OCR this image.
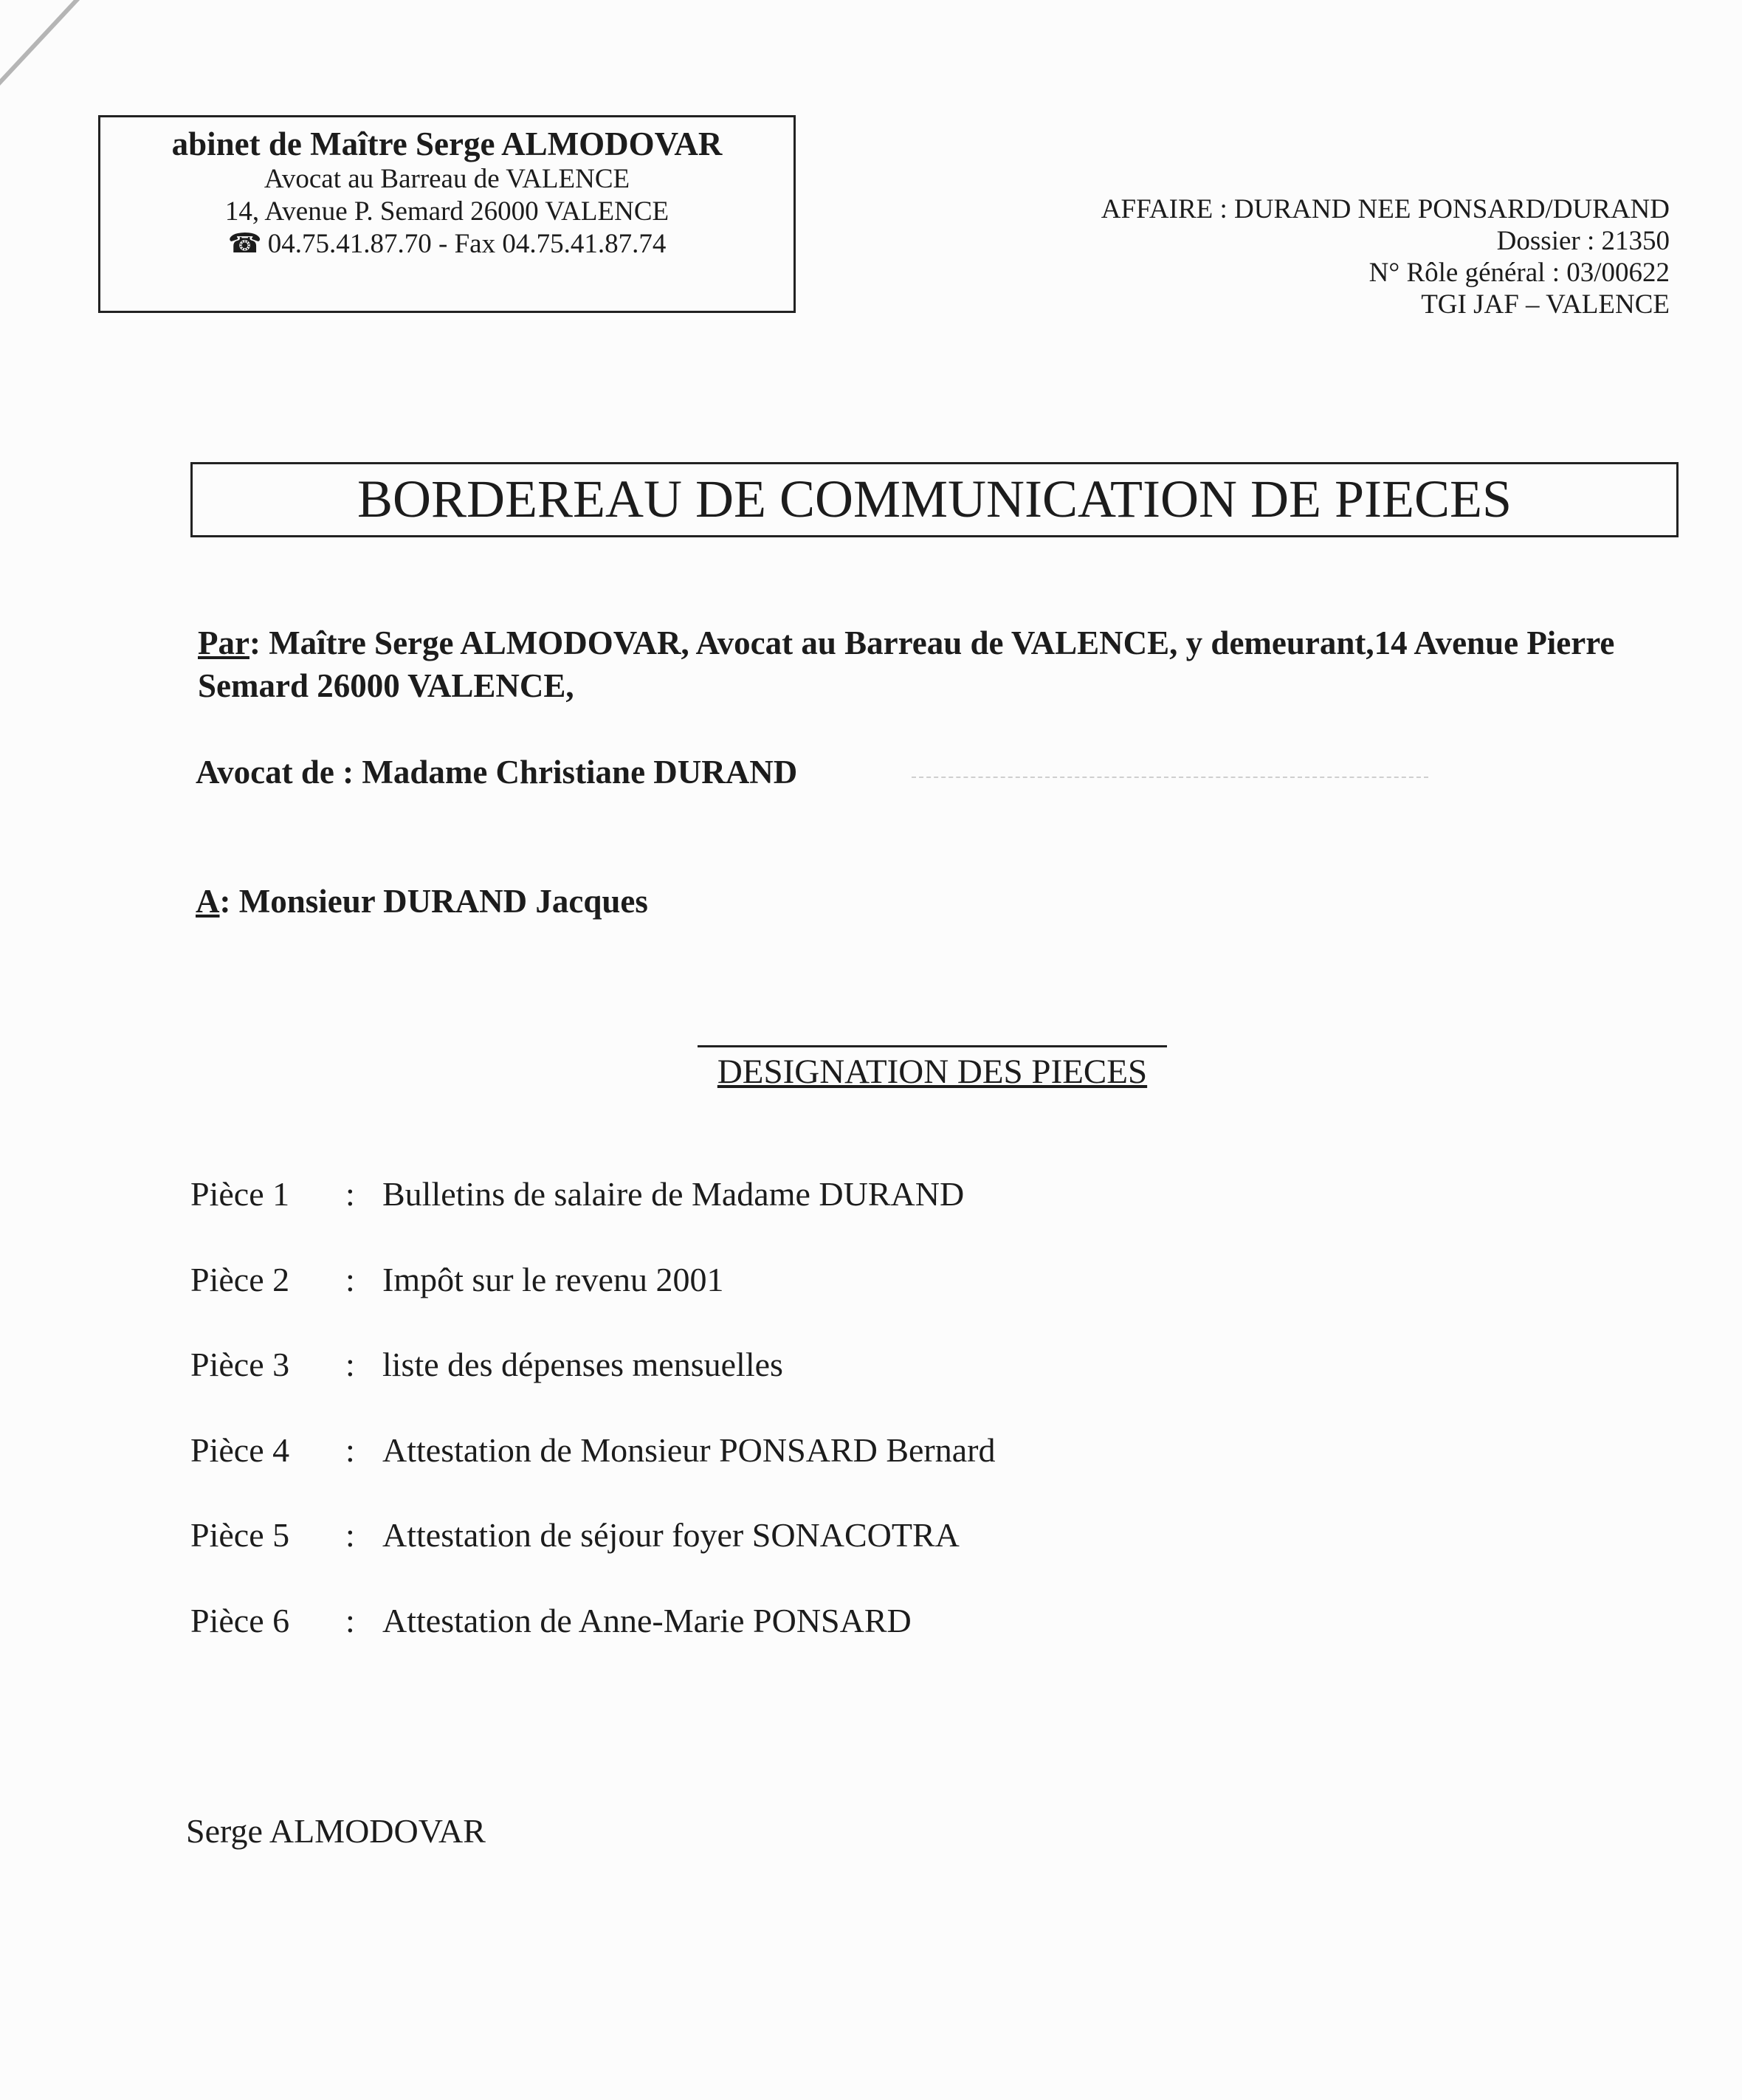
abinet de Maître Serge ALMODOVAR
Avocat au Barreau de VALENCE
14, Avenue P. Semard 26000 VALENCE
☎ 04.75.41.87.70 - Fax 04.75.41.87.74
AFFAIRE : DURAND NEE PONSARD/DURAND
Dossier : 21350
N° Rôle général : 03/00622
TGI JAF – VALENCE
BORDEREAU DE COMMUNICATION DE PIECES
Par: Maître Serge ALMODOVAR, Avocat au Barreau de VALENCE, y demeurant,14 Avenue Pierre Semard 26000 VALENCE,
Avocat de : Madame Christiane DURAND
A: Monsieur DURAND Jacques
DESIGNATION DES PIECES
Pièce 1	: Bulletins de salaire de Madame DURAND
Pièce 2	: Impôt sur le revenu 2001
Pièce 3	: liste des dépenses mensuelles
Pièce 4	: Attestation de Monsieur PONSARD Bernard
Pièce 5	: Attestation de séjour foyer SONACOTRA
Pièce 6	: Attestation de Anne-Marie PONSARD
Serge ALMODOVAR
